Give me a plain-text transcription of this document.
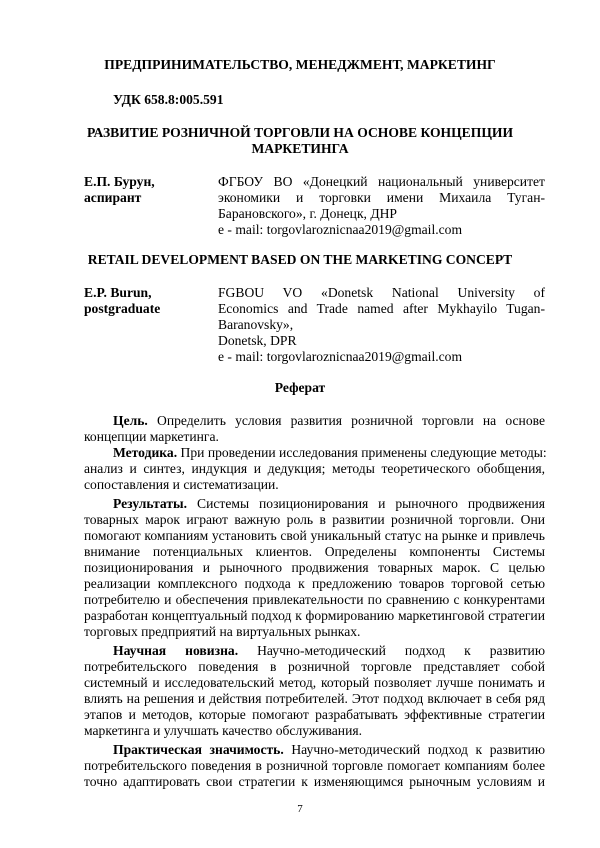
ПРЕДПРИНИМАТЕЛЬСТВО, МЕНЕДЖМЕНТ, МАРКЕТИНГ
УДК 658.8:005.591
РАЗВИТИЕ РОЗНИЧНОЙ ТОРГОВЛИ НА ОСНОВЕ КОНЦЕПЦИИ
МАРКЕТИНГА
Е.П. Бурун,
аспирант
ФГБОУ ВО «Донецкий национальный университет
экономики и торговки имени Михаила Туган-
Барановского», г. Донецк, ДНР
e - mail: torgovlaroznicnaa2019@gmail.com
RETAIL DEVELOPMENT BASED ON THE MARKETING CONCEPT
E.P. Burun,
postgraduate
FGBOU VO «Donetsk National University of
Economics and Trade named after Mykhayilo Tugan-
Baranovsky»,
Donetsk, DPR
e - mail: torgovlaroznicnaa2019@gmail.com
Реферат
Цель. Определить условия развития розничной торговли на основе
концепции маркетинга.
Методика. При проведении исследования применены следующие методы:
анализ и синтез, индукция и дедукция; методы теоретического обобщения,
сопоставления и систематизации.
Результаты. Системы позиционирования и рыночного продвижения
товарных марок играют важную роль в развитии розничной торговли. Они
помогают компаниям установить свой уникальный статус на рынке и привлечь
внимание потенциальных клиентов. Определены компоненты Системы
позиционирования и рыночного продвижения товарных марок. С целью
реализации комплексного подхода к предложению товаров торговой сетью
потребителю и обеспечения привлекательности по сравнению с конкурентами
разработан концептуальный подход к формированию маркетинговой стратегии
торговых предприятий на виртуальных рынках.
Научная новизна. Научно-методический подход к развитию
потребительского поведения в розничной торговле представляет собой
системный и исследовательский метод, который позволяет лучше понимать и
влиять на решения и действия потребителей. Этот подход включает в себя ряд
этапов и методов, которые помогают разрабатывать эффективные стратегии
маркетинга и улучшать качество обслуживания.
Практическая значимость. Научно-методический подход к развитию
потребительского поведения в розничной торговле помогает компаниям более
точно адаптировать свои стратегии к изменяющимся рыночным условиям и
7
